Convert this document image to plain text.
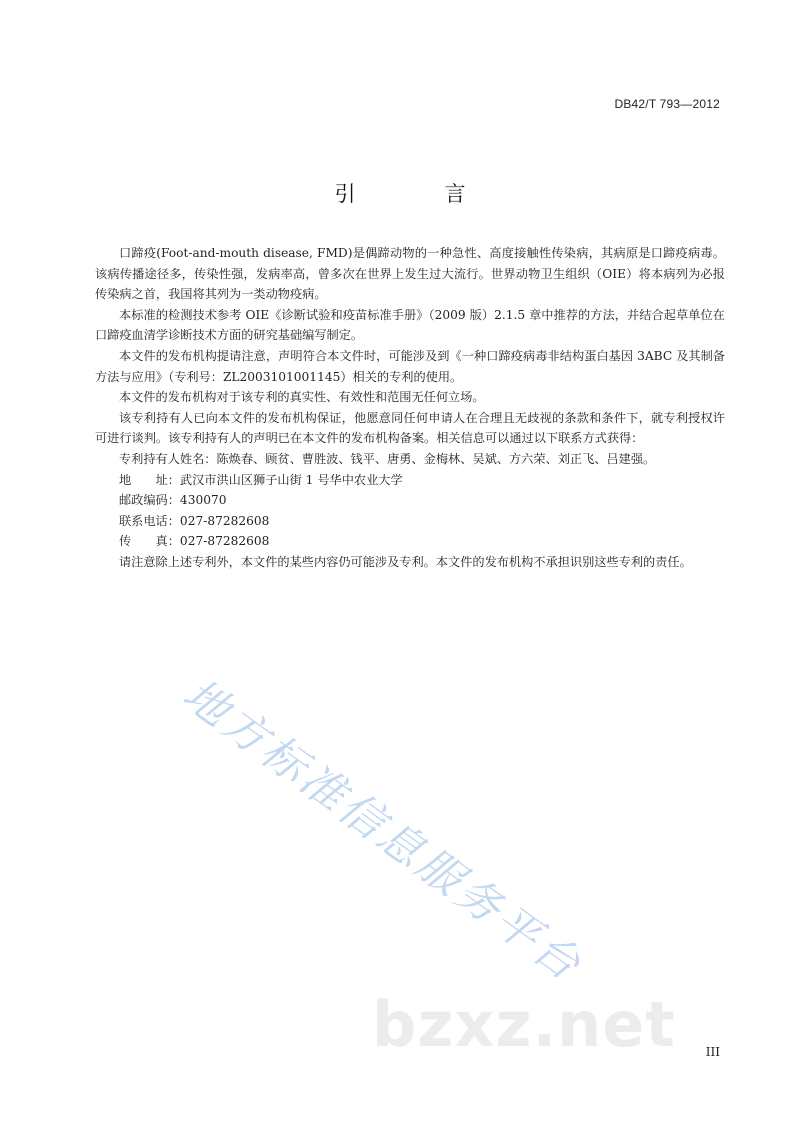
DB42/T 793—2012
引　言

口蹄疫(Foot-and-mouth disease, FMD)是偶蹄动物的一种急性、高度接触性传染病，其病原是口蹄疫病毒。该病传播途径多，传染性强，发病率高，曾多次在世界上发生过大流行。世界动物卫生组织（OIE）将本病列为必报传染病之首，我国将其列为一类动物疫病。

本标准的检测技术参考 OIE《诊断试验和疫苗标准手册》（2009 版）2.1.5 章中推荐的方法，并结合起草单位在口蹄疫血清学诊断技术方面的研究基础编写制定。

本文件的发布机构提请注意，声明符合本文件时，可能涉及到《一种口蹄疫病毒非结构蛋白基因 3ABC 及其制备方法与应用》（专利号：ZL2003101001145）相关的专利的使用。

本文件的发布机构对于该专利的真实性、有效性和范围无任何立场。

该专利持有人已向本文件的发布机构保证，他愿意同任何申请人在合理且无歧视的条款和条件下，就专利授权许可进行谈判。该专利持有人的声明已在本文件的发布机构备案。相关信息可以通过以下联系方式获得：

专利持有人姓名：陈焕春、顾贫、曹胜波、钱平、唐勇、金梅林、吴斌、方六荣、刘正飞、吕建强。

地　　址：武汉市洪山区狮子山街 1 号华中农业大学

邮政编码：430070

联系电话：027-87282608

传　　真：027-87282608

请注意除上述专利外，本文件的某些内容仍可能涉及专利。本文件的发布机构不承担识别这些专利的责任。

地方标准信息服务平台
bzxz.net III
